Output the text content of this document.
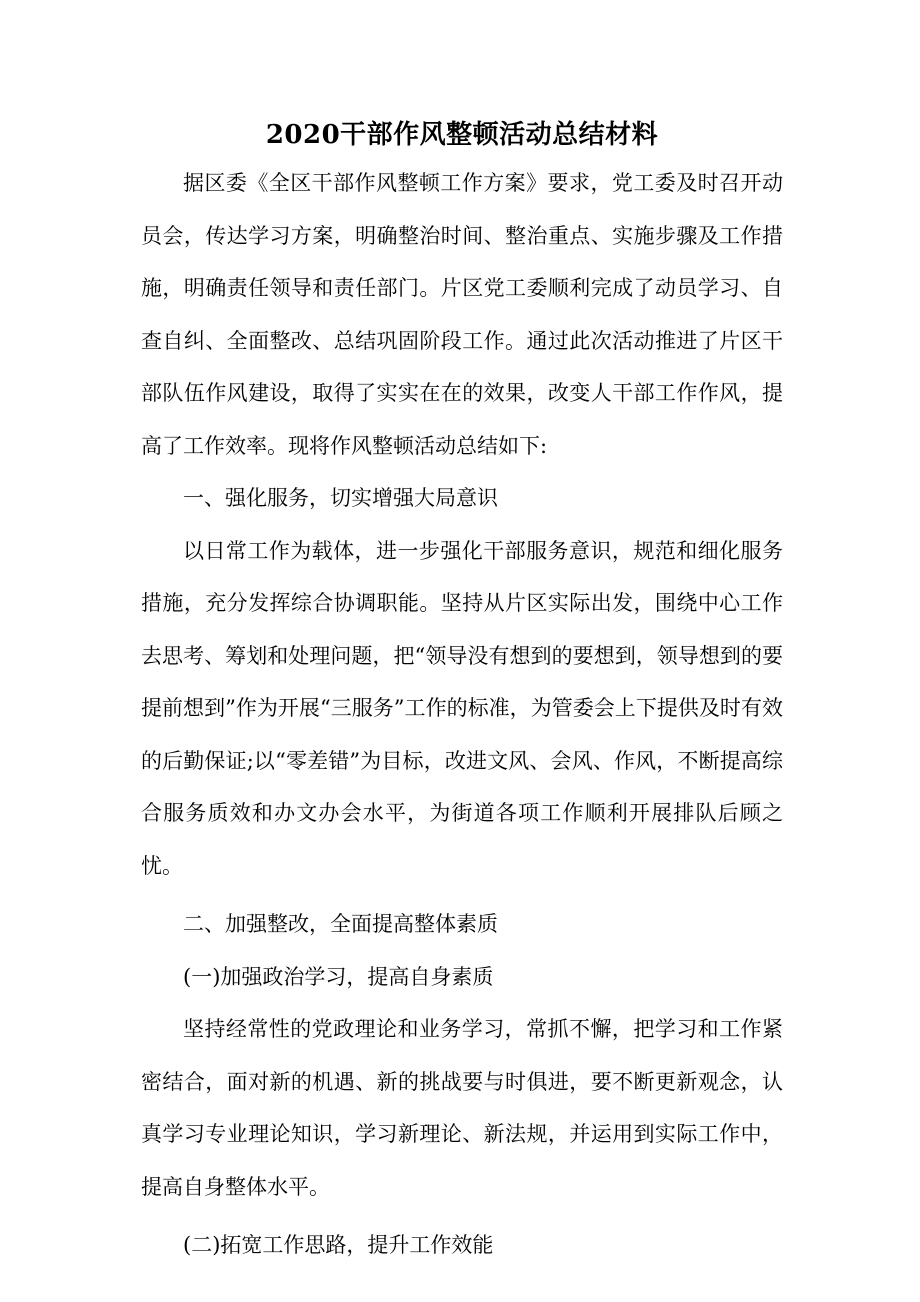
2020干部作风整顿活动总结材料

据区委《全区干部作风整顿工作方案》要求，党工委及时召开动员会，传达学习方案，明确整治时间、整治重点、实施步骤及工作措施，明确责任领导和责任部门。片区党工委顺利完成了动员学习、自查自纠、全面整改、总结巩固阶段工作。通过此次活动推进了片区干部队伍作风建设，取得了实实在在的效果，改变人干部工作作风，提高了工作效率。现将作风整顿活动总结如下:

一、强化服务，切实增强大局意识

以日常工作为载体，进一步强化干部服务意识，规范和细化服务措施，充分发挥综合协调职能。坚持从片区实际出发，围绕中心工作去思考、筹划和处理问题，把“领导没有想到的要想到，领导想到的要提前想到”作为开展“三服务”工作的标准，为管委会上下提供及时有效的后勤保证;以“零差错”为目标，改进文风、会风、作风，不断提高综合服务质效和办文办会水平，为街道各项工作顺利开展排队后顾之忧。

二、加强整改，全面提高整体素质

(一)加强政治学习，提高自身素质

坚持经常性的党政理论和业务学习，常抓不懈，把学习和工作紧密结合，面对新的机遇、新的挑战要与时俱进，要不断更新观念，认真学习专业理论知识，学习新理论、新法规，并运用到实际工作中，提高自身整体水平。

(二)拓宽工作思路，提升工作效能
